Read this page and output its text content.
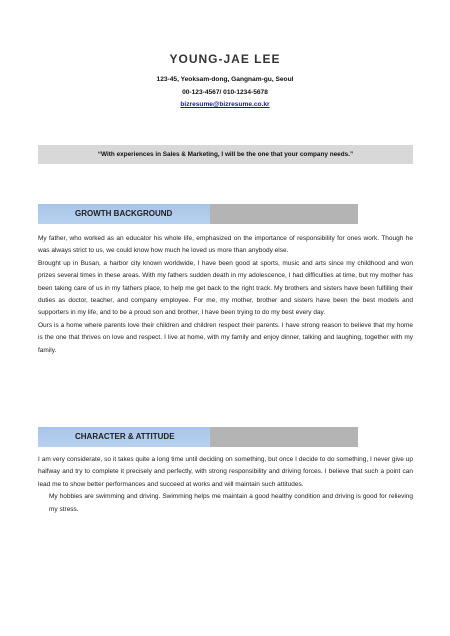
YOUNG-JAE LEE
123-45, Yeoksam-dong, Gangnam-gu, Seoul
00-123-4567/ 010-1234-5678
bizresume@bizresume.co.kr
“With experiences in Sales & Marketing, I will be the one that your company needs.”
GROWTH BACKGROUND

My father, who worked as an educator his whole life, emphasized on the importance of responsibility for ones work. Though he was always strict to us, we could know how much he loved us more than anybody else.

Brought up in Busan, a harbor city known worldwide, I have been good at sports, music and arts since my childhood and won prizes several times in these areas. With my fathers sudden death in my adolescence, I had difficulties at time, but my mother has been taking care of us in my fathers place, to help me get back to the right track. My brothers and sisters have been fulfilling their duties as doctor, teacher, and company employee. For me, my mother, brother and sisters have been the best models and supporters in my life, and to be a proud son and brother, I have been trying to do my best every day.

Ours is a home where parents love their children and children respect their parents. I have strong reason to believe that my home is the one that thrives on love and respect. I live at home, with my family and enjoy dinner, talking and laughing, together with my family.

CHARACTER & ATTITUDE

I am very considerate, so it takes quite a long time until deciding on something, but once I decide to do something, I never give up halfway and try to complete it precisely and perfectly, with strong responsibility and driving forces. I believe that such a point can lead me to show better performances and succeed at works and will maintain such attitudes.

My hobbies are swimming and driving. Swimming helps me maintain a good healthy condition and driving is good for relieving my stress.
